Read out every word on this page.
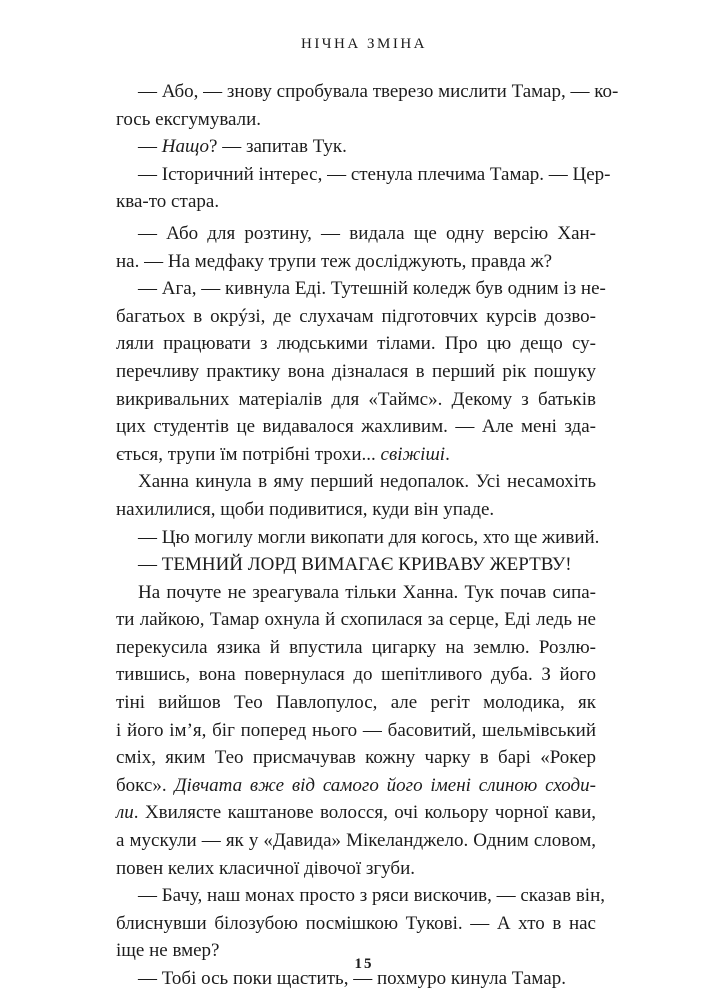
НІЧНА ЗМІНА
— Або, — знову спробувала тверезо мислити Тамар, — ко-
гось ексгумували.
— Нащо? — запитав Тук.
— Історичний інтерес, — стенула плечима Тамар. — Цер-
ква-то стара.
— Або для розтину, — видала ще одну версію Хан-
на. — На медфаку трупи теж досліджують, правда ж?
— Ага, — кивнула Еді. Тутешній коледж був одним із не-
багатьох в окрýзі, де слухачам підготовчих курсів дозво-
ляли працювати з людськими тілами. Про цю дещо су-
перечливу практику вона дізналася в перший рік пошуку
викривальних матеріалів для «Таймс». Декому з батьків
цих студентів це видавалося жахливим. — Але мені зда-
ється, трупи їм потрібні трохи... свіжіші.
Ханна кинула в яму перший недопалок. Усі несамохіть
нахилилися, щоби подивитися, куди він упаде.
— Цю могилу могли викопати для когось, хто ще живий.
— ТЕМНИЙ ЛОРД ВИМАГАЄ КРИВАВУ ЖЕРТВУ!
На почуте не зреагувала тільки Ханна. Тук почав сипа-
ти лайкою, Тамар охнула й схопилася за серце, Еді ледь не
перекусила язика й впустила цигарку на землю. Розлю-
тившись, вона повернулася до шепітливого дуба. З його
тіні вийшов Тео Павлопулос, але регіт молодика, як
і його ім’я, біг поперед нього — басовитий, шельмівський
сміх, яким Тео присмачував кожну чарку в барі «Рокер
бокс». Дівчата вже від самого його імені слиною сходи-
ли. Хвилясте каштанове волосся, очі кольору чорної кави,
а мускули — як у «Давида» Мікеланджело. Одним словом,
повен келих класичної дівочої згуби.
— Бачу, наш монах просто з ряси вискочив, — сказав він,
блиснувши білозубою посмішкою Тукові. — А хто в нас
іще не вмер?
— Тобі ось поки щастить, — похмуро кинула Тамар.
15
